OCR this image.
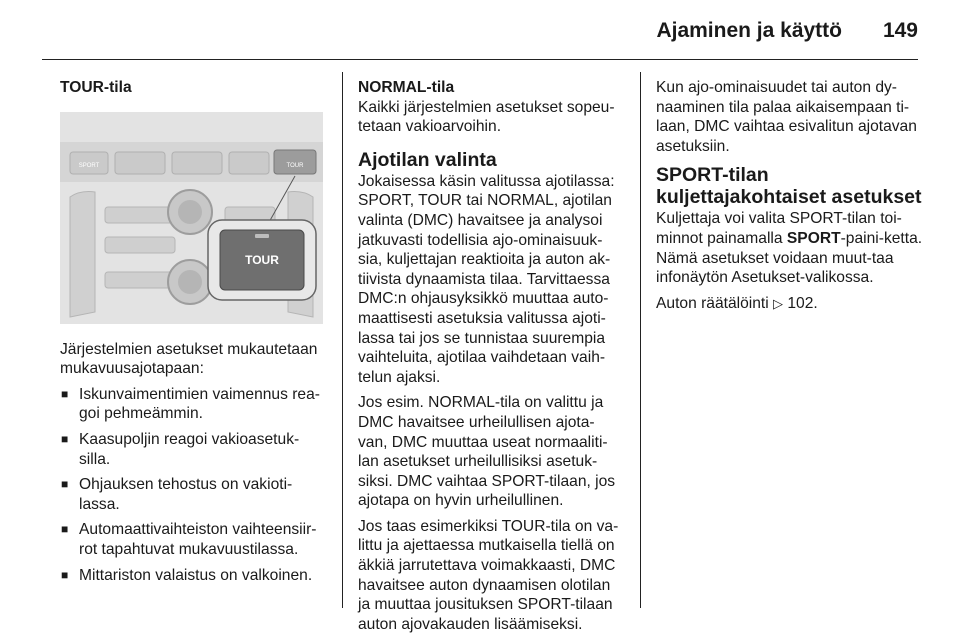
Ajaminen ja käyttö 149
TOUR-tila
SPORT	TOUR
TOUR

Järjestelmien asetukset mukautetaan mukavuusajotapaan:

■ Iskunvaimentimien vaimennus rea-goi pehmeämmin.
■ Kaasupoljin reagoi vakioasetuk-silla.
■ Ohjauksen tehostus on vakioti-lassa.
■ Automaattivaihteiston vaihteensiir-rot tapahtuvat mukavuustilassa.
■ Mittariston valaistus on valkoinen.
NORMAL-tila

Kaikki järjestelmien asetukset sopeu-tetaan vakioarvoihin.

Ajotilan valinta

Jokaisessa käsin valitussa ajotilassa: SPORT, TOUR tai NORMAL, ajotilan valinta (DMC) havaitsee ja analysoi jatkuvasti todellisia ajo-ominaisuuk-sia, kuljettajan reaktioita ja auton ak-tiivista dynaamista tilaa. Tarvittaessa DMC:n ohjausyksikkö muuttaa auto-maattisesti asetuksia valitussa ajoti-lassa tai jos se tunnistaa suurempia vaihteluita, ajotilaa vaihdetaan vaih-telun ajaksi.

Jos esim. NORMAL-tila on valittu ja DMC havaitsee urheilullisen ajota-van, DMC muuttaa useat normaaliti-lan asetukset urheilullisiksi asetuk-siksi. DMC vaihtaa SPORT-tilaan, jos ajotapa on hyvin urheilullinen.

Jos taas esimerkiksi TOUR-tila on va-littu ja ajettaessa mutkaisella tiellä on äkkiä jarrutettava voimakkaasti, DMC havaitsee auton dynaamisen olotilan ja muuttaa jousituksen SPORT-tilaan auton ajovakauden lisäämiseksi.

Kun ajo-ominaisuudet tai auton dy-naaminen tila palaa aikaisempaan ti-laan, DMC vaihtaa esivalitun ajotavan asetuksiin.

SPORT-tilan kuljettajakohtaiset asetukset

Kuljettaja voi valita SPORT-tilan toi-minnot painamalla SPORT-paini-ketta. Nämä asetukset voidaan muut-taa infonäytön Asetukset-valikossa.

Auton räätälöinti ▷ 102.
